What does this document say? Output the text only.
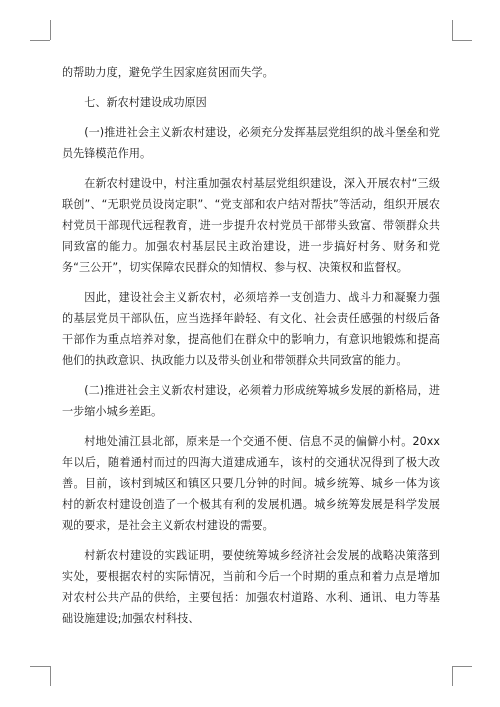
的帮助力度，避免学生因家庭贫困而失学。

七、新农村建设成功原因

(一)推进社会主义新农村建设，必须充分发挥基层党组织的战斗堡垒和党员先锋模范作用。

在新农村建设中，村注重加强农村基层党组织建设，深入开展农村“三级联创”、“无职党员设岗定职”、“党支部和农户结对帮扶”等活动，组织开展农村党员干部现代远程教育，进一步提升农村党员干部带头致富、带领群众共同致富的能力。加强农村基层民主政治建设，进一步搞好村务、财务和党务“三公开”，切实保障农民群众的知情权、参与权、决策权和监督权。

因此，建设社会主义新农村，必须培养一支创造力、战斗力和凝聚力强的基层党员干部队伍，应当选择年龄轻、有文化、社会责任感强的村级后备干部作为重点培养对象，提高他们在群众中的影响力，有意识地锻炼和提高他们的执政意识、执政能力以及带头创业和带领群众共同致富的能力。

(二)推进社会主义新农村建设，必须着力形成统筹城乡发展的新格局，进一步缩小城乡差距。

村地处浦江县北部，原来是一个交通不便、信息不灵的偏僻小村。20xx年以后，随着通村而过的四海大道建成通车，该村的交通状况得到了极大改善。目前，该村到城区和镇区只要几分钟的时间。城乡统筹、城乡一体为该村的新农村建设创造了一个极其有利的发展机遇。城乡统筹发展是科学发展观的要求，是社会主义新农村建设的需要。

村新农村建设的实践证明，要使统筹城乡经济社会发展的战略决策落到实处，要根据农村的实际情况，当前和今后一个时期的重点和着力点是增加对农村公共产品的供给，主要包括：加强农村道路、水利、通讯、电力等基础设施建设;加强农村科技、
